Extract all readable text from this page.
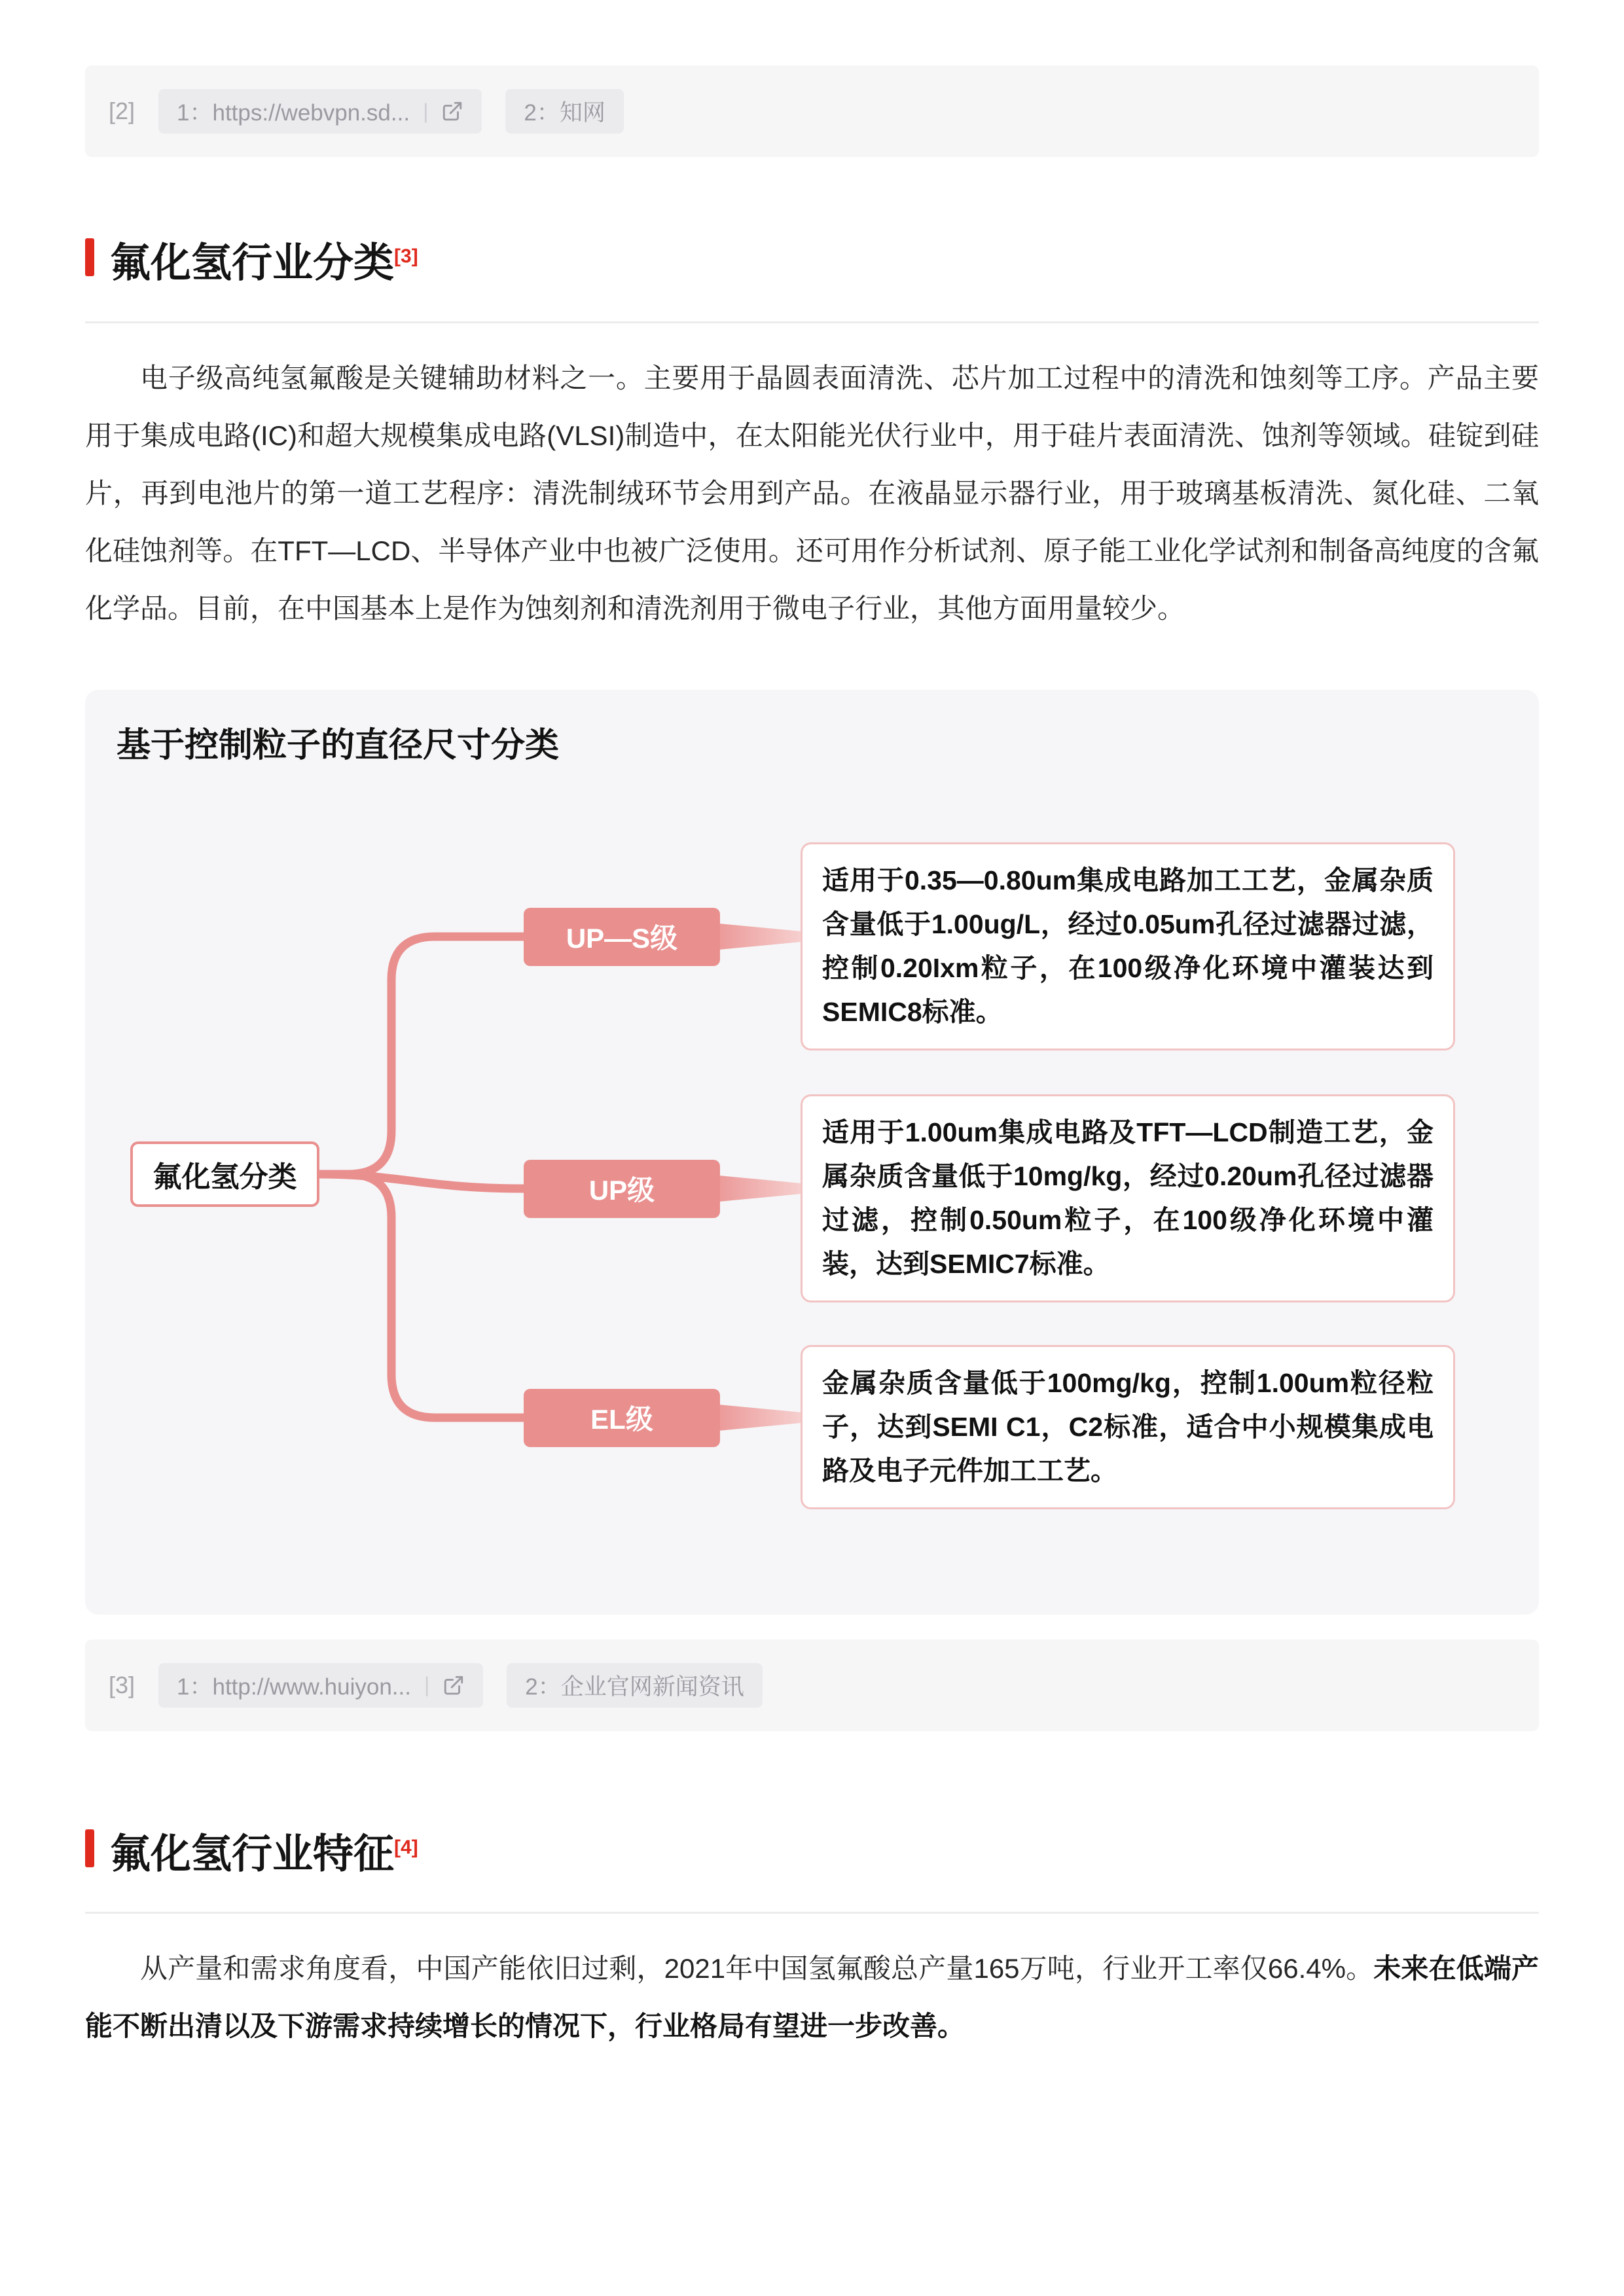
[2] 1：https://webvpn.sd... |	2：知网
氟化氢行业分类[3]

电子级高纯氢氟酸是关键辅助材料之一。主要用于晶圆表面清洗、芯片加工过程中的清洗和蚀刻等工序。产品主要用于集成电路(IC)和超大规模集成电路(VLSI)制造中，在太阳能光伏行业中，用于硅片表面清洗、蚀剂等领域。硅锭到硅片，再到电池片的第一道工艺程序：清洗制绒环节会用到产品。在液晶显示器行业，用于玻璃基板清洗、氮化硅、二氧化硅蚀剂等。在TFT—LCD、半导体产业中也被广泛使用。还可用作分析试剂、原子能工业化学试剂和制备高纯度的含氟化学品。目前，在中国基本上是作为蚀刻剂和清洗剂用于微电子行业，其他方面用量较少。

基于控制粒子的直径尺寸分类
氟化氢分类
UP—S级
UP级
EL级
适用于0.35—0.80um集成电路加工工艺，金属杂质含量低于1.00ug/L，经过0.05um孔径过滤器过滤，控制0.20Ixm粒子，在100级净化环境中灌装达到SEMIC8标准。
适用于1.00um集成电路及TFT—LCD制造工艺，金属杂质含量低于10mg/kg，经过0.20um孔径过滤器过滤，控制0.50um粒子，在100级净化环境中灌装，达到SEMIC7标准。
金属杂质含量低于100mg/kg，控制1.00um粒径粒子，达到SEMI C1，C2标准，适合中小规模集成电路及电子元件加工工艺。
[3] 1：http://www.huiyon... |	2：企业官网新闻资讯
氟化氢行业特征[4]

从产量和需求角度看，中国产能依旧过剩，2021年中国氢氟酸总产量165万吨，行业开工率仅66.4%。未来在低端产能不断出清以及下游需求持续增长的情况下，行业格局有望进一步改善。
